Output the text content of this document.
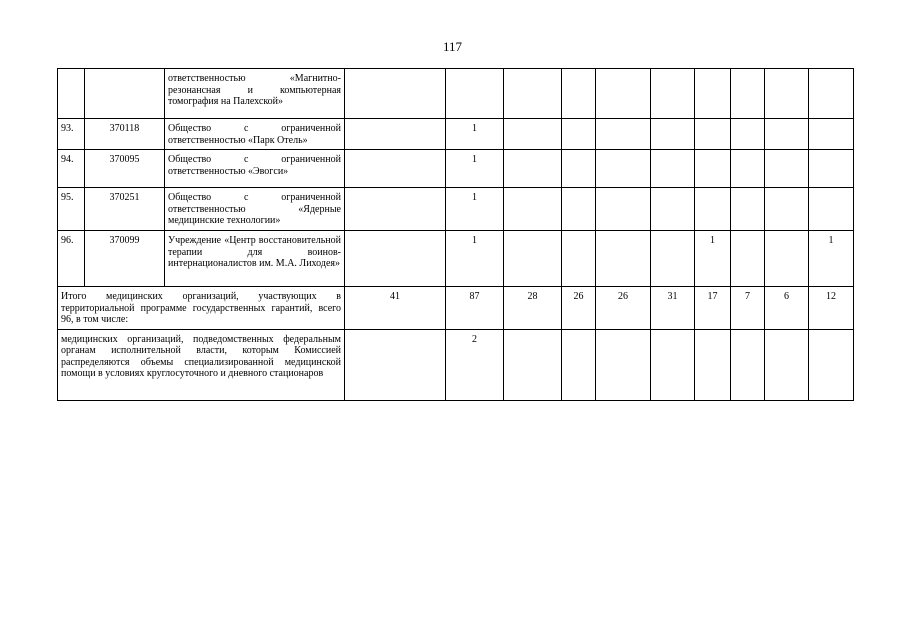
117
		ответственностью «Магнитно-резонансная и компьютерная томография на Палехской»										
93.	370118	Общество с ограниченной ответственностью «Парк Отель»		1								
94.	370095	Общество с ограниченной ответственностью «Эвогси»		1								
95.	370251	Общество с ограниченной ответственностью «Ядерные медицинские технологии»		1								
96.	370099	Учреждение «Центр восстановительной терапии для воинов-интернационалистов им. М.А. Лиходея»		1					1			1
Итого медицинских организаций, участвующих в территориальной программе государственных гарантий, всего 96, в том числе:			41	87	28	26	26	31	17	7	6	12
медицинских организаций, подведомственных федеральным органам исполнительной власти, которым Комиссией распределяются объемы специализированной медицинской помощи в условиях круглосуточного и дневного стационаров				2								
